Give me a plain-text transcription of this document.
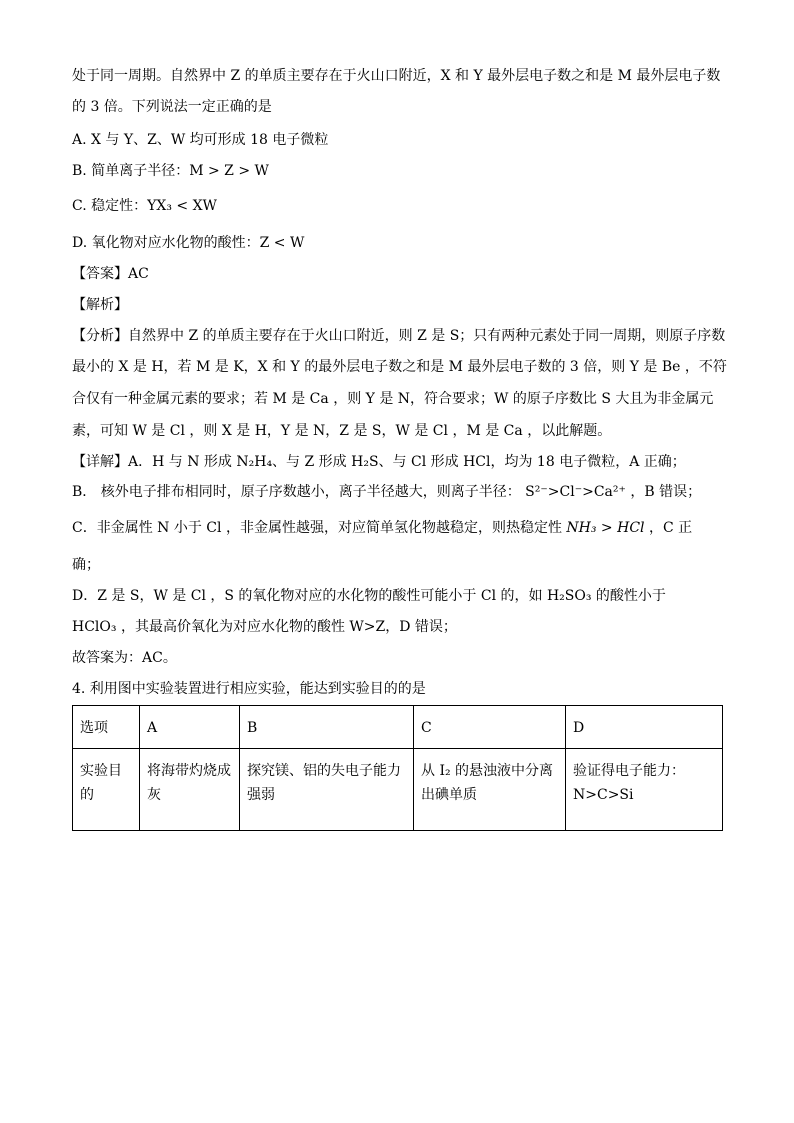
处于同一周期。自然界中 Z 的单质主要存在于火山口附近，X 和 Y 最外层电子数之和是 M 最外层电子数
的 3 倍。下列说法一定正确的是
A. X 与 Y、Z、W 均可形成 18 电子微粒
B. 简单离子半径：M > Z > W
C. 稳定性：YX₃ < XW
D. 氧化物对应水化物的酸性：Z < W
【答案】AC
【解析】
【分析】自然界中 Z 的单质主要存在于火山口附近，则 Z 是 S；只有两种元素处于同一周期，则原子序数
最小的 X 是 H，若 M 是 K，X 和 Y 的最外层电子数之和是 M 最外层电子数的 3 倍，则 Y 是 Be ，不符
合仅有一种金属元素的要求；若 M 是 Ca ，则 Y 是 N，符合要求；W 的原子序数比 S 大且为非金属元
素，可知 W 是 Cl ，则 X 是 H，Y 是 N，Z 是 S，W 是 Cl ，M 是 Ca ，以此解题。
【详解】A．H 与 N 形成 N₂H₄、与 Z 形成 H₂S、与 Cl 形成 HCl，均为 18 电子微粒，A 正确；
B． 核外电子排布相同时，原子序数越小，离子半径越大，则离子半径： S²⁻>Cl⁻>Ca²⁺ ，B 错误；
C．非金属性 N 小于 Cl ，非金属性越强，对应简单氢化物越稳定，则热稳定性 NH₃ > HCl ，C 正
确；
D．Z 是 S，W 是 Cl ，S 的氧化物对应的水化物的酸性可能小于 Cl 的，如 H₂SO₃ 的酸性小于
HClO₃ ，其最高价氧化为对应水化物的酸性 W>Z，D 错误；
故答案为：AC。
4. 利用图中实验装置进行相应实验，能达到实验目的的是
选项	A	B	C	D
实验目的	将海带灼烧成灰	探究镁、铝的失电子能力强弱	从 I₂ 的悬浊液中分离出碘单质	验证得电子能力：N>C>Si
